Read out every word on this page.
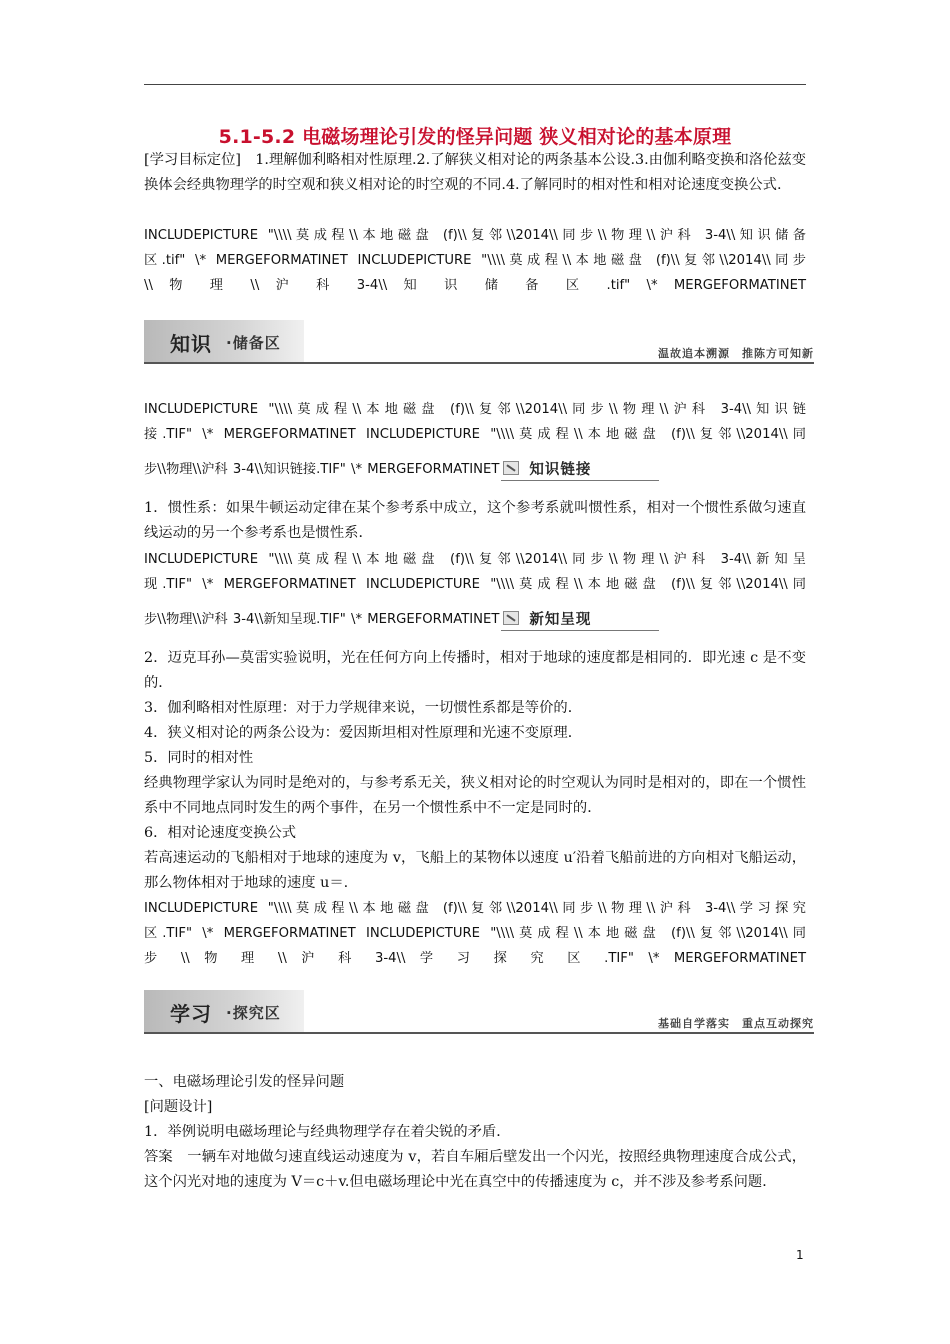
5.1-5.2 电磁场理论引发的怪异问题 狭义相对论的基本原理

[学习目标定位]　1.理解伽利略相对性原理.2.了解狭义相对论的两条基本公设.3.由伽利略变换和洛伦兹变换体会经典物理学的时空观和狭义相对论的时空观的不同.4.了解同时的相对性和相对论速度变换公式.

INCLUDEPICTURE "\\\\莫成程\\本地磁盘 (f)\\复邻\\2014\\同步\\物理\\沪科 3-4\\知识储备

区.tif" \* MERGEFORMATINET INCLUDEPICTURE "\\\\莫成程\\本地磁盘 (f)\\复邻\\2014\\同步

\\ 物 理 \\ 沪 科 3-4\\ 知 识 储 备 区 .tif" \* MERGEFORMATINET

知识 ·储备区
温故追本溯源　推陈方可知新

INCLUDEPICTURE "\\\\莫成程\\本地磁盘 (f)\\复邻\\2014\\同步\\物理\\沪科 3-4\\知识链

接.TIF" \* MERGEFORMATINET INCLUDEPICTURE "\\\\莫成程\\本地磁盘 (f)\\复邻\\2014\\同

步\\物理\\沪科 3-4\\知识链接.TIF" \* MERGEFORMATINET 知识链接

1．惯性系：如果牛顿运动定律在某个参考系中成立，这个参考系就叫惯性系，相对一个惯性系做匀速直线运动的另一个参考系也是惯性系．

INCLUDEPICTURE "\\\\莫成程\\本地磁盘 (f)\\复邻\\2014\\同步\\物理\\沪科 3-4\\新知呈

现.TIF" \* MERGEFORMATINET INCLUDEPICTURE "\\\\莫成程\\本地磁盘 (f)\\复邻\\2014\\同

步\\物理\\沪科 3-4\\新知呈现.TIF" \* MERGEFORMATINET 新知呈现

2．迈克耳孙—莫雷实验说明，光在任何方向上传播时，相对于地球的速度都是相同的．即光速 c 是不变的．

3．伽利略相对性原理：对于力学规律来说，一切惯性系都是等价的．

4．狭义相对论的两条公设为：爱因斯坦相对性原理和光速不变原理．

5．同时的相对性

经典物理学家认为同时是绝对的，与参考系无关，狭义相对论的时空观认为同时是相对的，即在一个惯性系中不同地点同时发生的两个事件，在另一个惯性系中不一定是同时的．

6．相对论速度变换公式

若高速运动的飞船相对于地球的速度为 v，飞船上的某物体以速度 u′沿着飞船前进的方向相对飞船运动，那么物体相对于地球的速度 u＝.

INCLUDEPICTURE "\\\\莫成程\\本地磁盘 (f)\\复邻\\2014\\同步\\物理\\沪科 3-4\\学习探究

区.TIF" \* MERGEFORMATINET INCLUDEPICTURE "\\\\莫成程\\本地磁盘 (f)\\复邻\\2014\\同

步 \\ 物 理 \\ 沪 科 3-4\\ 学 习 探 究 区 .TIF" \* MERGEFORMATINET

学习 ·探究区
基础自学落实　重点互动探究

一、电磁场理论引发的怪异问题

[问题设计]

1．举例说明电磁场理论与经典物理学存在着尖锐的矛盾．

答案　一辆车对地做匀速直线运动速度为 v，若自车厢后壁发出一个闪光，按照经典物理速度合成公式，这个闪光对地的速度为 V＝c＋v.但电磁场理论中光在真空中的传播速度为 c，并不涉及参考系问题．

1
